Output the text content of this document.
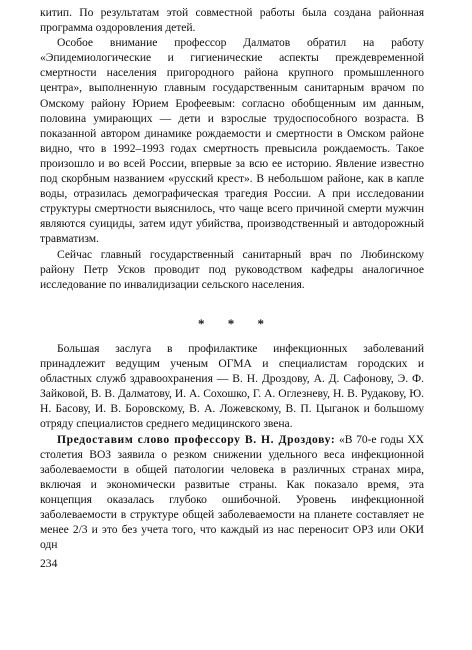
китип. По результатам этой совместной работы была создана районная программа оздоровления детей.

Особое внимание профессор Далматов обратил на работу «Эпидемиологические и гигиенические аспекты преждевременной смертности населения пригородного района крупного промышленного центра», выполненную главным государственным санитарным врачом по Омскому району Юрием Ерофеевым: согласно обобщенным им данным, половина умирающих — дети и взрослые трудоспособного возраста. В показанной автором динамике рождаемости и смертности в Омском районе видно, что в 1992–1993 годах смертность превысила рождаемость. Такое произошло и во всей России, впервые за всю ее историю. Явление известно под скорбным названием «русский крест». В небольшом районе, как в капле воды, отразилась демографическая трагедия России. А при исследовании структуры смертности выяснилось, что чаще всего причиной смерти мужчин являются суициды, затем идут убийства, производственный и автодорожный травматизм.

Сейчас главный государственный санитарный врач по Любинскому району Петр Усков проводит под руководством кафедры аналогичное исследование по инвалидизации сельского населения.

* * *

Большая заслуга в профилактике инфекционных заболеваний принадлежит ведущим ученым ОГМА и специалистам городских и областных служб здравоохранения — В. Н. Дроздову, А. Д. Сафонову, Э. Ф. Зайковой, В. В. Далматову, И. А. Сохошко, Г. А. Оглезневу, Н. В. Рудакову, Ю. Н. Басову, И. В. Боровскому, В. А. Ложевскому, В. П. Цыганок и большому отряду специалистов среднего медицинского звена.

Предоставим слово профессору В. Н. Дроздову: «В 70-е годы XX столетия ВОЗ заявила о резком снижении удельного веса инфекционной заболеваемости в общей патологии человека в различных странах мира, включая и экономически развитые страны. Как показало время, эта концепция оказалась глубоко ошибочной. Уровень инфекционной заболеваемости в структуре общей заболеваемости на планете составляет не менее 2/3 и это без учета того, что каждый из нас переносит ОРЗ или ОКИ одн

234
